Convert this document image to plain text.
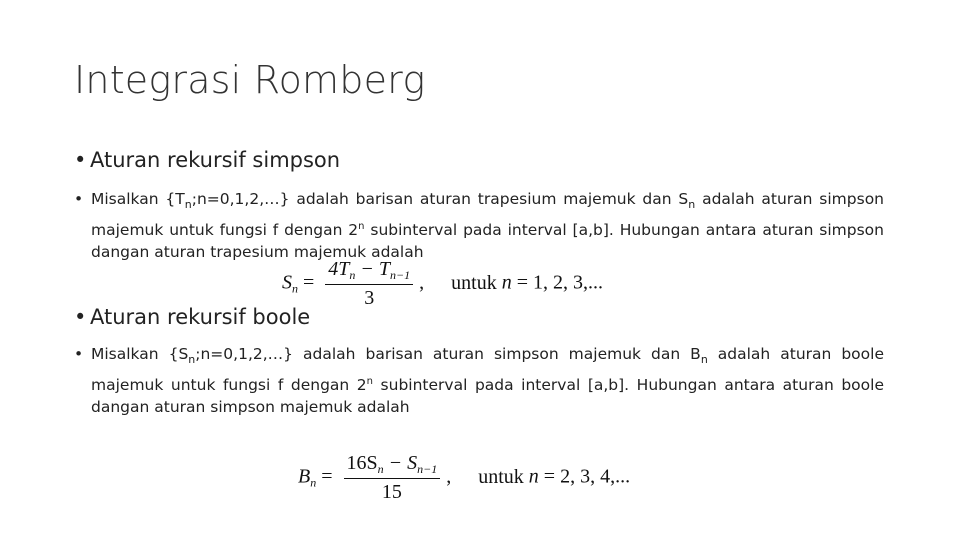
Integrasi Romberg
• Aturan rekursif simpson
• Misalkan $\{T_n;n=0,1,2,\dots\}$ adalah barisan aturan trapesium majemuk dan $S_n$ adalah aturan simpson majemuk untuk fungsi f dengan 2$^n$ subinterval pada interval [a,b]. Hubungan antara aturan simpson dangan aturan trapesium majemuk adalah
$S_n = \frac{4T_n - T_{n-1}}{3}$ , untuk n = 1, 2, 3,...
• Aturan rekursif boole
• Misalkan $\{S_n;n=0,1,2,\dots\}$ adalah barisan aturan simpson majemuk dan $B_n$ adalah aturan boole majemuk untuk fungsi f dengan 2$^n$ subinterval pada interval [a,b]. Hubungan antara aturan boole dangan aturan simpson majemuk adalah
$B_n = \frac{16S_n - S_{n-1}}{15}$ , untuk n = 2, 3, 4,...
